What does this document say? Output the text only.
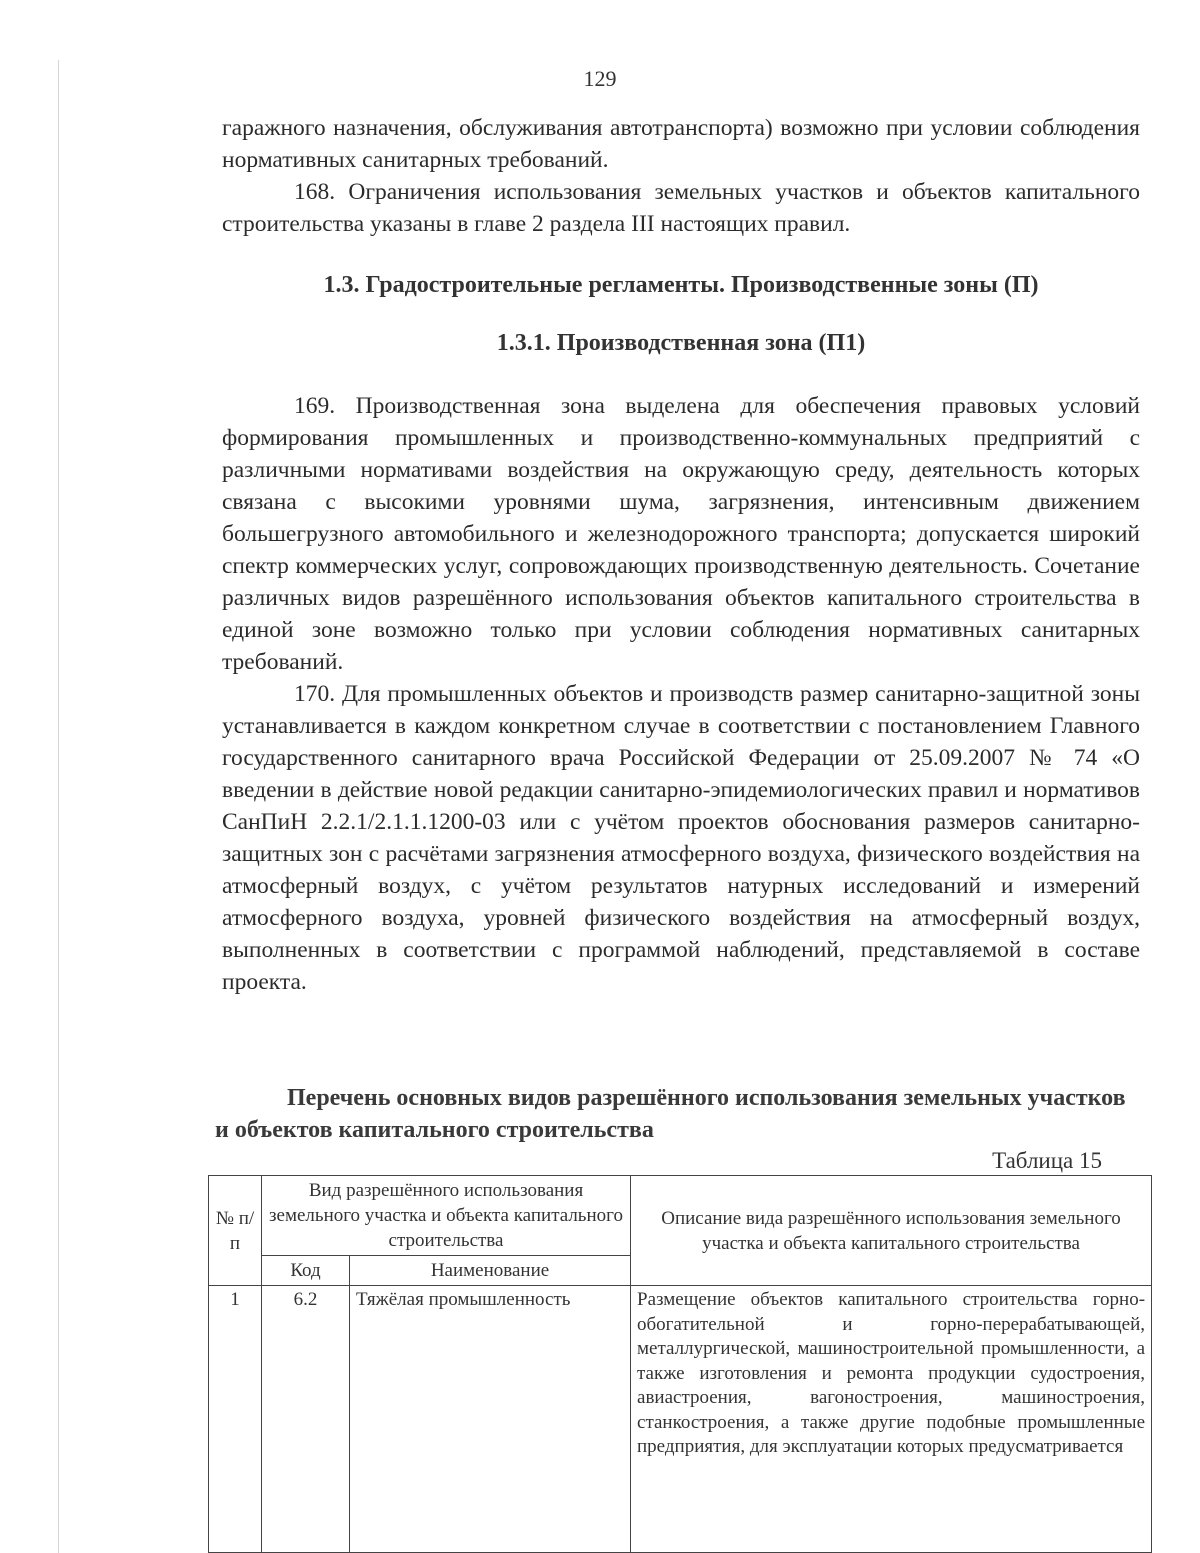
129

гаражного назначения, обслуживания автотранспорта) возможно при условии соблюдения нормативных санитарных требований.

168. Ограничения использования земельных участков и объектов капитального строительства указаны в главе 2 раздела III настоящих правил.

1.3. Градостроительные регламенты. Производственные зоны (П)
1.3.1. Производственная зона (П1)

169. Производственная зона выделена для обеспечения правовых условий формирования промышленных и производственно-коммунальных предприятий с различными нормативами воздействия на окружающую среду, деятельность которых связана с высокими уровнями шума, загрязнения, интенсивным движением большегрузного автомобильного и железнодорожного транспорта; допускается широкий спектр коммерческих услуг, сопровождающих производственную деятельность. Сочетание различных видов разрешённого использования объектов капитального строительства в единой зоне возможно только при условии соблюдения нормативных санитарных требований.

170. Для промышленных объектов и производств размер санитарно-защитной зоны устанавливается в каждом конкретном случае в соответствии с постановлением Главного государственного санитарного врача Российской Федерации от 25.09.2007 № 74 «О введении в действие новой редакции санитарно-эпидемиологических правил и нормативов СанПиН 2.2.1/2.1.1.1200-03 или с учётом проектов обоснования размеров санитарно-защитных зон с расчётами загрязнения атмосферного воздуха, физического воздействия на атмосферный воздух, с учётом результатов натурных исследований и измерений атмосферного воздуха, уровней физического воздействия на атмосферный воздух, выполненных в соответствии с программой наблюдений, представляемой в составе проекта.

Перечень основных видов разрешённого использования земельных участков и объектов капитального строительства
Таблица 15
№ п/п	Вид разрешённого использования земельного участка и объекта капитального строительства		Описание вида разрешённого использования земельного участка и объекта капитального строительства
	Код	Наименование	
1	6.2	Тяжёлая промышленность	Размещение объектов капитального строительства горно-обогатительной и горно-перерабатывающей, металлургической, машиностроительной промышленности, а также изготовления и ремонта продукции судостроения, авиастроения, вагоностроения, машиностроения, станкостроения, а также другие подобные промышленные предприятия, для эксплуатации которых предусматривается
